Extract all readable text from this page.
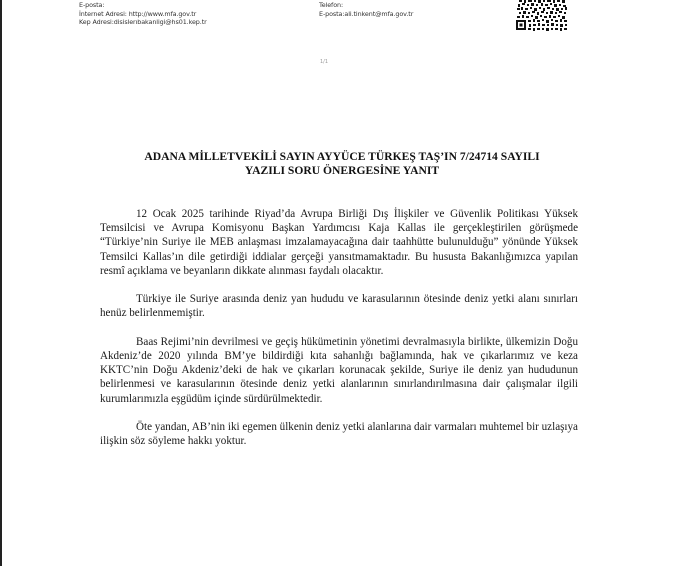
E-posta:
İnternet Adresi: http://www.mfa.gov.tr
Kep Adresi:disislerıbakanligi@hs01.kep.tr
Telefon:
E-posta:ali.tinkent@mfa.gov.tr
1/1
ADANA MİLLETVEKİLİ SAYIN AYYÜCE TÜRKEŞ TAŞ’IN 7/24714 SAYILI
YAZILI SORU ÖNERGESİNE YANIT

12 Ocak 2025 tarihinde Riyad’da Avrupa Birliği Dış İlişkiler ve Güvenlik Politikası Yüksek Temsilcisi ve Avrupa Komisyonu Başkan Yardımcısı Kaja Kallas ile gerçekleştirilen görüşmede “Türkiye’nin Suriye ile MEB anlaşması imzalamayacağına dair taahhütte bulunulduğu” yönünde Yüksek Temsilci Kallas’ın dile getirdiği iddialar gerçeği yansıtmamaktadır. Bu hususta Bakanlığımızca yapılan resmî açıklama ve beyanların dikkate alınması faydalı olacaktır.

Türkiye ile Suriye arasında deniz yan hududu ve karasularının ötesinde deniz yetki alanı sınırları henüz belirlenmemiştir.

Baas Rejimi’nin devrilmesi ve geçiş hükümetinin yönetimi devralmasıyla birlikte, ülkemizin Doğu Akdeniz’de 2020 yılında BM’ye bildirdiği kıta sahanlığı bağlamında, hak ve çıkarlarımız ve keza KKTC’nin Doğu Akdeniz’deki de hak ve çıkarları korunacak şekilde, Suriye ile deniz yan hududunun belirlenmesi ve karasularının ötesinde deniz yetki alanlarının sınırlandırılmasına dair çalışmalar ilgili kurumlarımızla eşgüdüm içinde sürdürülmektedir.

Öte yandan, AB’nin iki egemen ülkenin deniz yetki alanlarına dair varmaları muhtemel bir uzlaşıya ilişkin söz söyleme hakkı yoktur.
